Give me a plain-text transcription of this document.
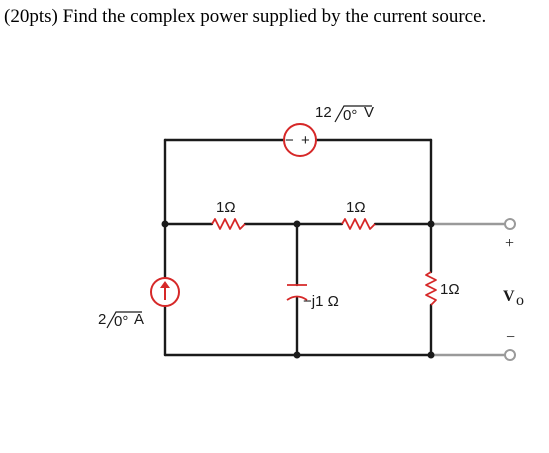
(20pts) Find the complex power supplied by the current source.
− +
12 0° V
1Ω	1Ω
1Ω
−j1 Ω
2 0° A
+
V o
−
